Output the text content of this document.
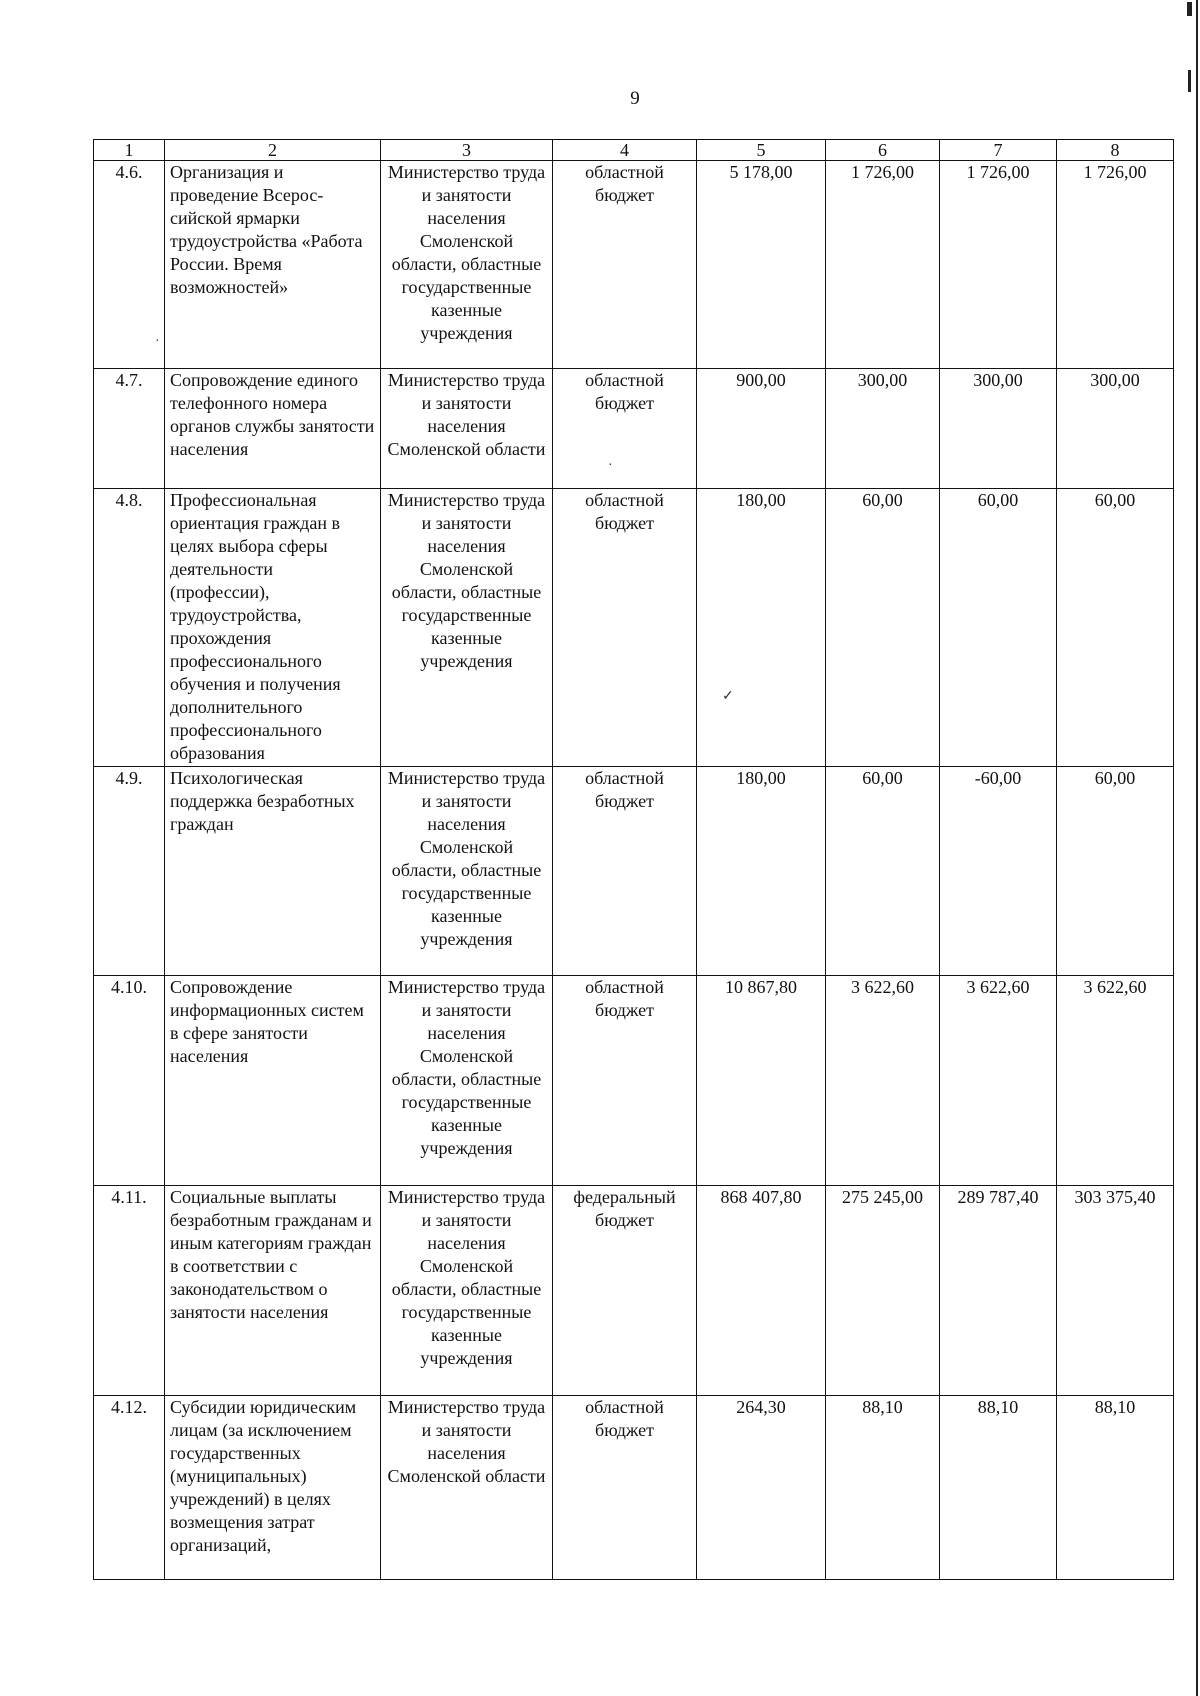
9
·
·
✓
1	2	3	4	5	6	7	8
4.6.	Организация и проведение Всерос-сийской ярмарки трудоустройства «Работа России. Время возможностей»	Министерство труда и занятости населения Смоленской области, областные государственные казенные учреждения	областной бюджет	5 178,00	1 726,00	1 726,00	1 726,00
4.7.	Сопровождение единого телефонного номера органов службы занятости населения	Министерство труда и занятости населения Смоленской области	областной бюджет	900,00	300,00	300,00	300,00
4.8.	Профессиональная ориентация граждан в целях выбора сферы деятельности (профессии), трудоустройства, прохождения профессионального обучения и получения дополнительного профессионального образования	Министерство труда и занятости населения Смоленской области, областные государственные казенные учреждения	областной бюджет	180,00	60,00	60,00	60,00
4.9.	Психологическая поддержка безработных граждан	Министерство труда и занятости населения Смоленской области, областные государственные казенные учреждения	областной бюджет	180,00	60,00	-60,00	60,00
4.10.	Сопровождение информационных систем в сфере занятости населения	Министерство труда и занятости населения Смоленской области, областные государственные казенные учреждения	областной бюджет	10 867,80	3 622,60	3 622,60	3 622,60
4.11.	Социальные выплаты безработным гражданам и иным категориям граждан в соответствии с законодательством о занятости населения	Министерство труда и занятости населения Смоленской области, областные государственные казенные учреждения	федеральный бюджет	868 407,80	275 245,00	289 787,40	303 375,40
4.12.	Субсидии юридическим лицам (за исключением государственных (муниципальных) учреждений) в целях возмещения затрат организаций,	Министерство труда и занятости населения Смоленской области	областной бюджет	264,30	88,10	88,10	88,10
